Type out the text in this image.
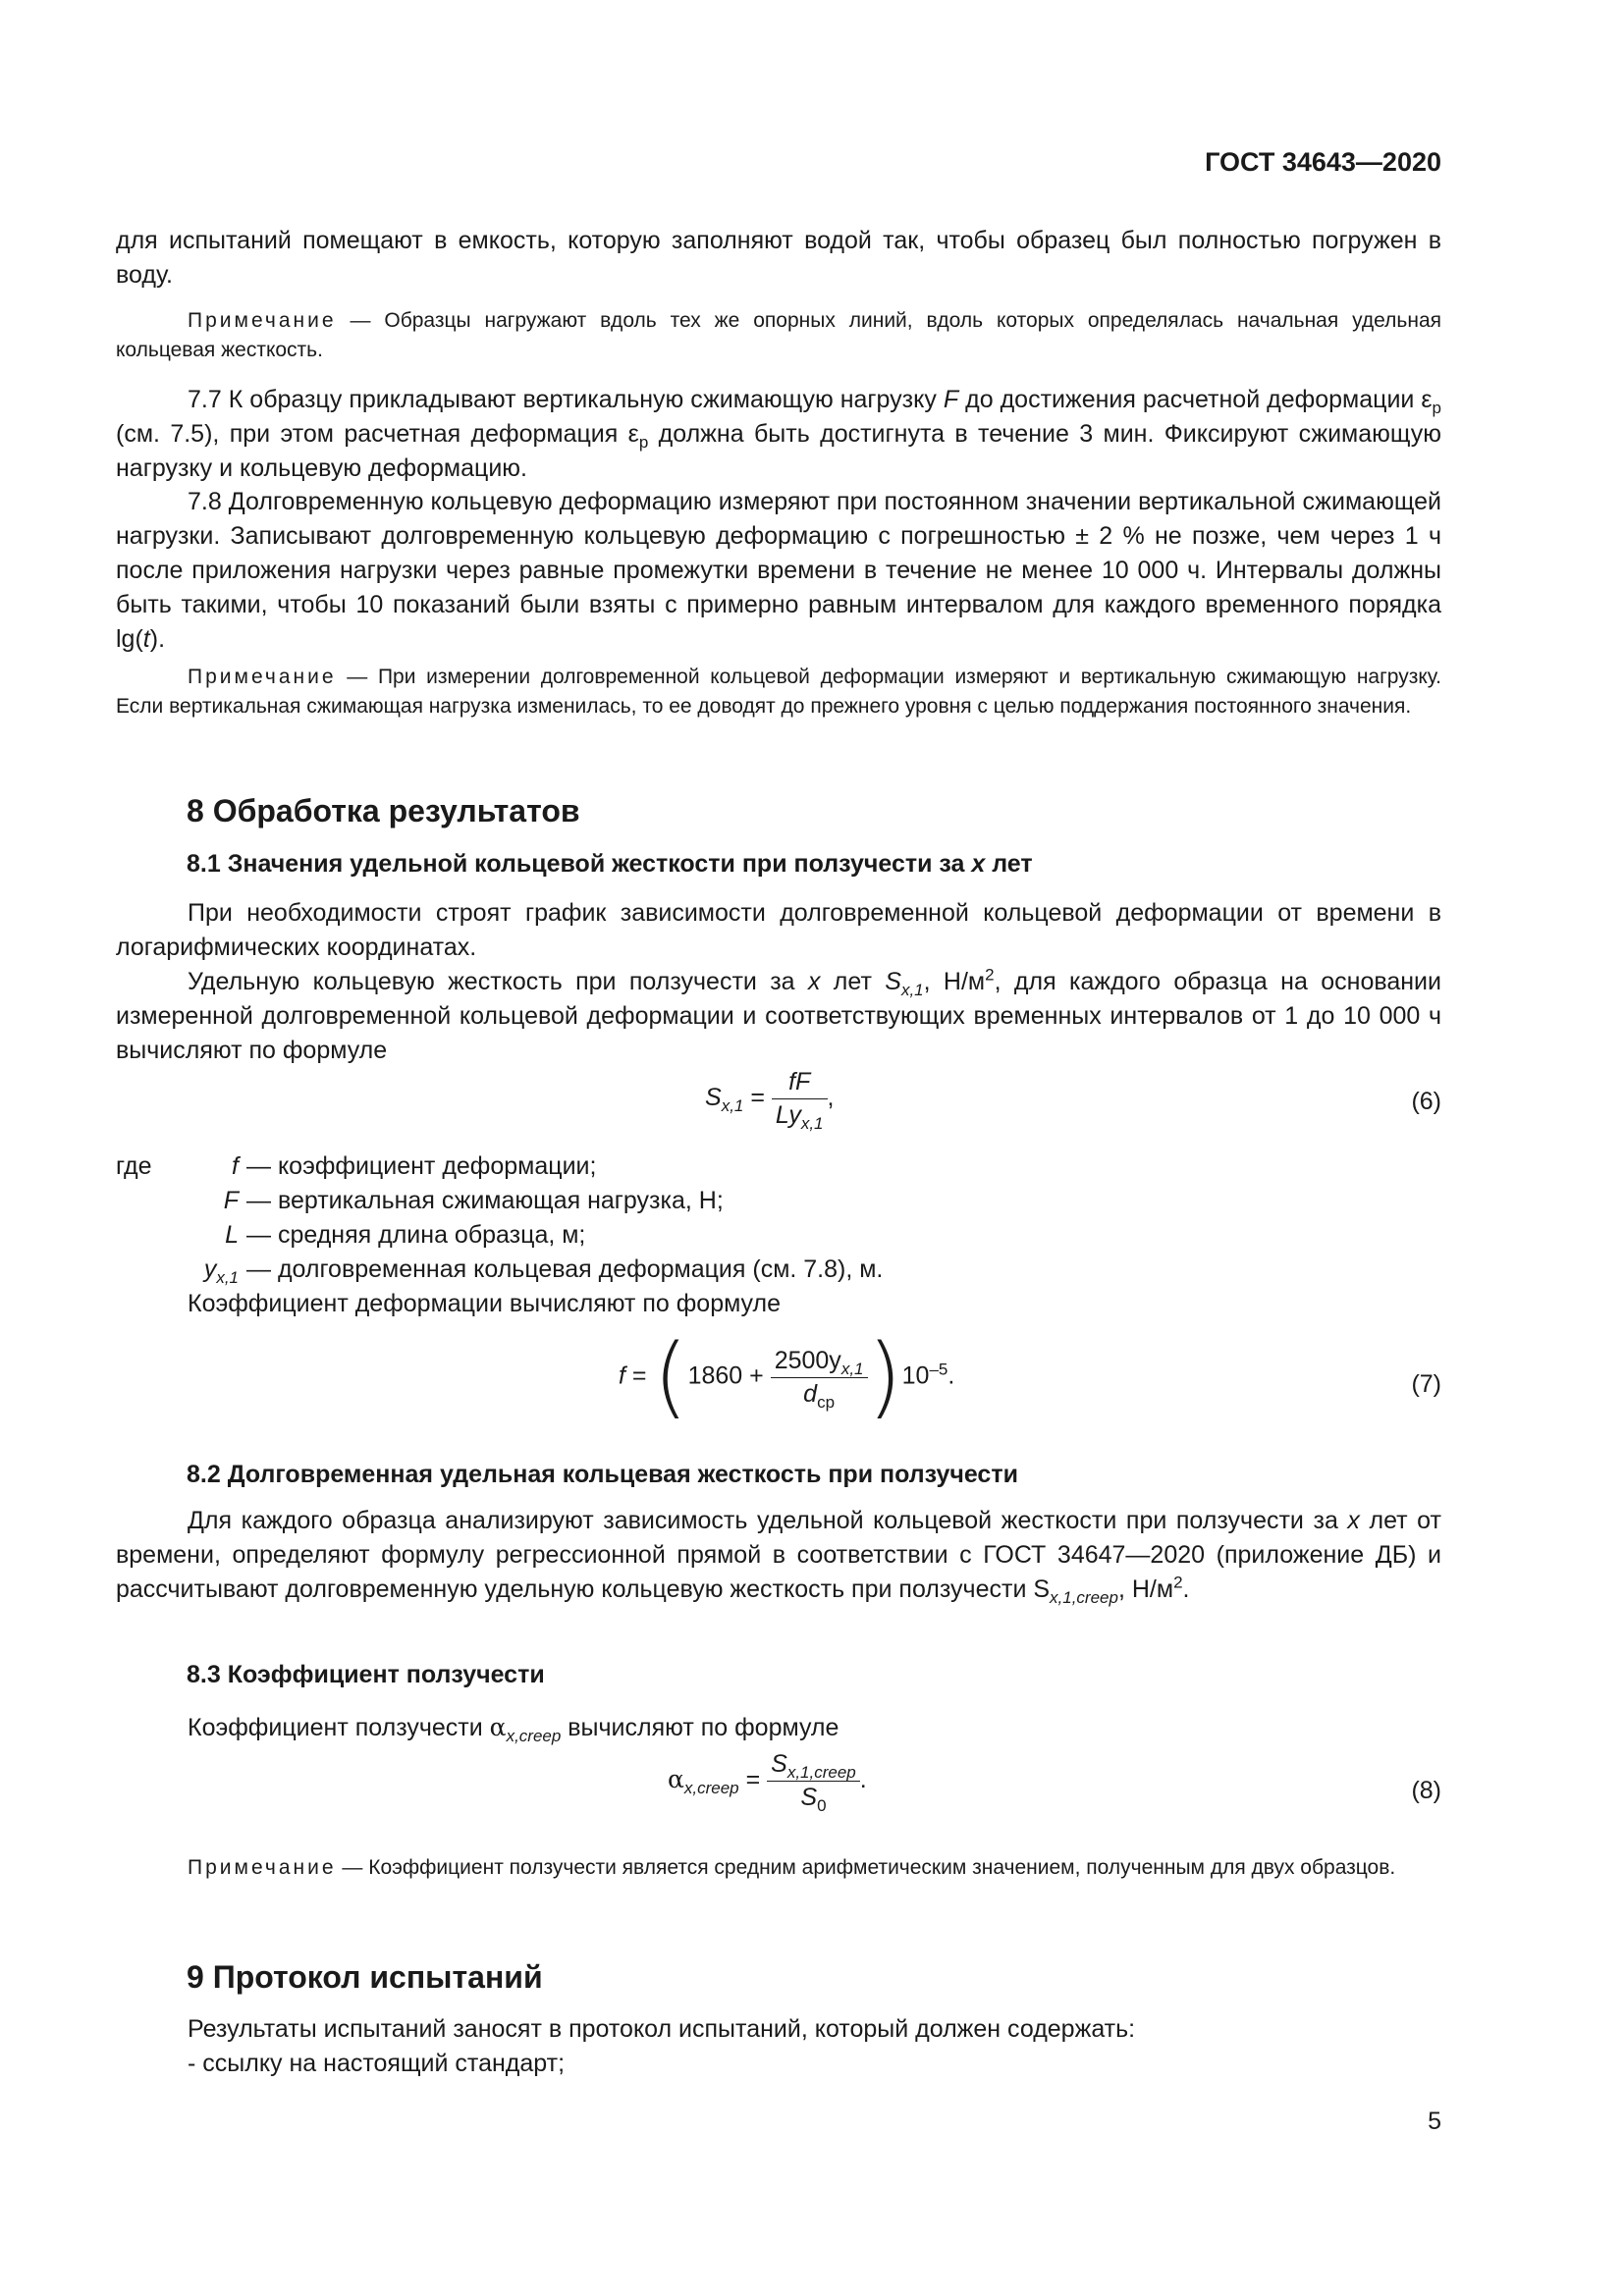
ГОСТ 34643—2020

для испытаний помещают в емкость, которую заполняют водой так, чтобы образец был полностью погружен в воду.

Примечание — Образцы нагружают вдоль тех же опорных линий, вдоль которых определялась начальная удельная кольцевая жесткость.

7.7 К образцу прикладывают вертикальную сжимающую нагрузку F до достижения расчетной деформации $\varepsilon_p$ (см. 7.5), при этом расчетная деформация $\varepsilon_p$ должна быть достигнута в течение 3 мин. Фиксируют сжимающую нагрузку и кольцевую деформацию.

7.8 Долговременную кольцевую деформацию измеряют при постоянном значении вертикальной сжимающей нагрузки. Записывают долговременную кольцевую деформацию с погрешностью ± 2 % не позже, чем через 1 ч после приложения нагрузки через равные промежутки времени в течение не менее 10 000 ч. Интервалы должны быть такими, чтобы 10 показаний были взяты с примерно равным интервалом для каждого временного порядка lg(t).

Примечание — При измерении долговременной кольцевой деформации измеряют и вертикальную сжимающую нагрузку. Если вертикальная сжимающая нагрузка изменилась, то ее доводят до прежнего уровня с целью поддержания постоянного значения.

8 Обработка результатов
8.1 Значения удельной кольцевой жесткости при ползучести за x лет

При необходимости строят график зависимости долговременной кольцевой деформации от времени в логарифмических координатах.

Удельную кольцевую жесткость при ползучести за x лет $S_{x,1}$, $Н/м^2$, для каждого образца на основании измеренной долговременной кольцевой деформации и соответствующих временных интервалов от 1 до 10 000 ч вычисляют по формуле

$S_{x,1} = \frac{fF}{Ly_{x,1}}$ ,	(6)
где	f — коэффициент деформации;
F — вертикальная сжимающая нагрузка, Н;
L — средняя длина образца, м;
$y_{x,1}$ — долговременная кольцевая деформация (см. 7.8), м.

Коэффициент деформации вычисляют по формуле

$f = (1860 + \frac{2500y_{x,1}}{d_{ср}} )10^{-5}$.	(7)
8.2 Долговременная удельная кольцевая жесткость при ползучести

Для каждого образца анализируют зависимость удельной кольцевой жесткости при ползучести за x лет от времени, определяют формулу регрессионной прямой в соответствии с ГОСТ 34647—2020 (приложение ДБ) и рассчитывают долговременную удельную кольцевую жесткость при ползучести $S_{x,1,creep}$, $Н/м^2$.

8.3 Коэффициент ползучести

Коэффициент ползучести $\alpha_{x,creep}$ вычисляют по формуле

$\alpha_{x,creep} = \frac{S_{x,1,creep}}{S_0}$ .	(8)

Примечание — Коэффициент ползучести является средним арифметическим значением, полученным для двух образцов.

9 Протокол испытаний

Результаты испытаний заносят в протокол испытаний, который должен содержать:

- ссылку на настоящий стандарт;

5
